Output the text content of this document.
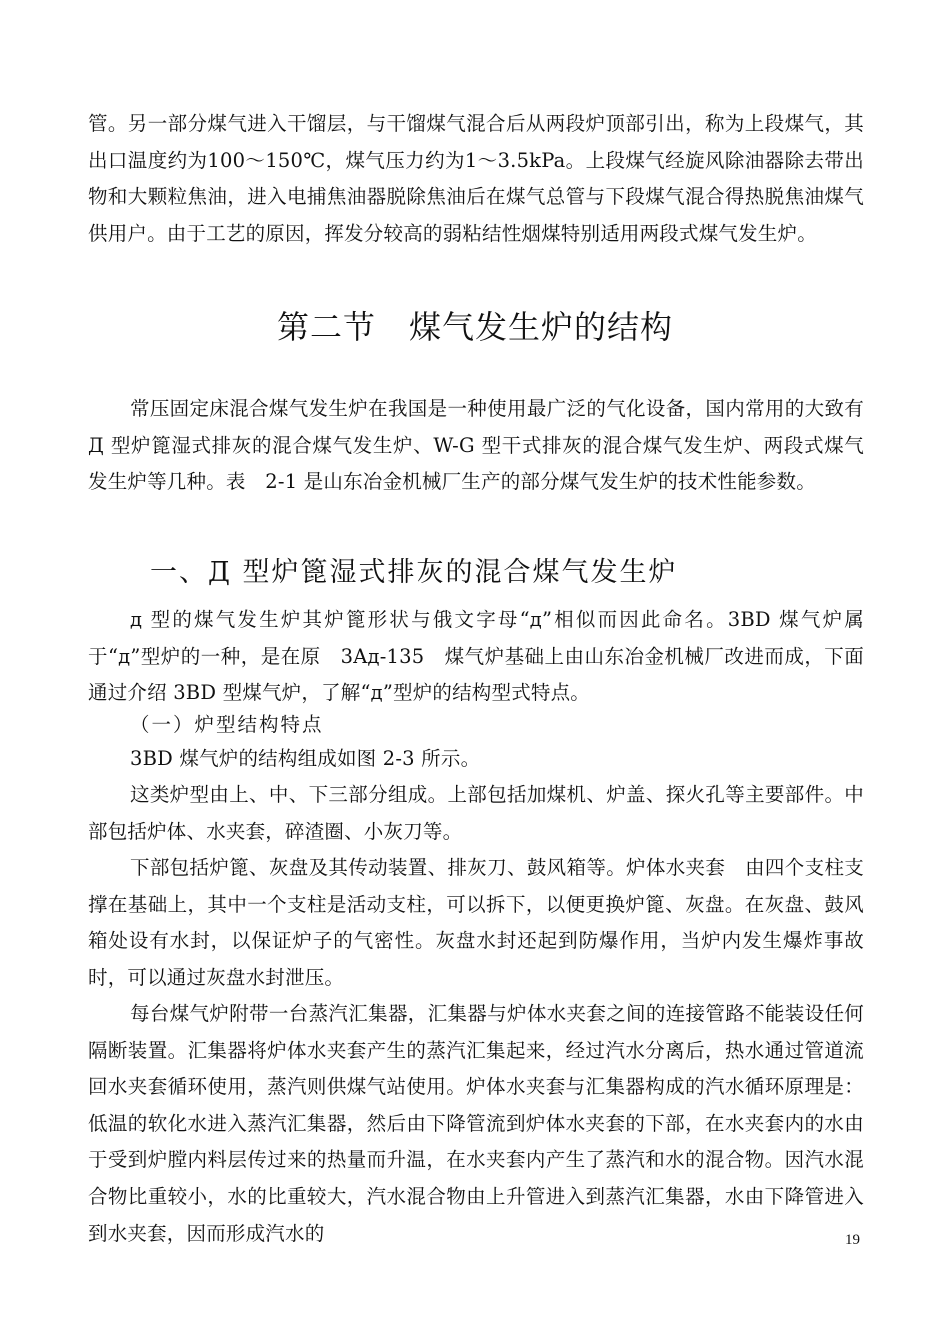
管。另一部分煤气进入干馏层，与干馏煤气混合后从两段炉顶部引出，称为上段煤气，其出口温度约为100～150℃，煤气压力约为1～3.5kPa。上段煤气经旋风除油器除去带出物和大颗粒焦油，进入电捕焦油器脱除焦油后在煤气总管与下段煤气混合得热脱焦油煤气供用户。由于工艺的原因，挥发分较高的弱粘结性烟煤特别适用两段式煤气发生炉。

第二节　煤气发生炉的结构

常压固定床混合煤气发生炉在我国是一种使用最广泛的气化设备，国内常用的大致有 Д 型炉篦湿式排灰的混合煤气发生炉、W-G 型干式排灰的混合煤气发生炉、两段式煤气发生炉等几种。表　2-1 是山东冶金机械厂生产的部分煤气发生炉的技术性能参数。

一、Д 型炉篦湿式排灰的混合煤气发生炉

д 型的煤气发生炉其炉篦形状与俄文字母“д”相似而因此命名。3BD 煤气炉属于“д”型炉的一种，是在原　3Aд-135　煤气炉基础上由山东冶金机械厂改进而成，下面通过介绍 3BD 型煤气炉，了解“д”型炉的结构型式特点。

（一）炉型结构特点

3BD 煤气炉的结构组成如图 2-3 所示。

这类炉型由上、中、下三部分组成。上部包括加煤机、炉盖、探火孔等主要部件。中部包括炉体、水夹套，碎渣圈、小灰刀等。

下部包括炉篦、灰盘及其传动装置、排灰刀、鼓风箱等。炉体水夹套　由四个支柱支撑在基础上，其中一个支柱是活动支柱，可以拆下，以便更换炉篦、灰盘。在灰盘、鼓风箱处设有水封，以保证炉子的气密性。灰盘水封还起到防爆作用，当炉内发生爆炸事故时，可以通过灰盘水封泄压。

每台煤气炉附带一台蒸汽汇集器，汇集器与炉体水夹套之间的连接管路不能装设任何隔断装置。汇集器将炉体水夹套产生的蒸汽汇集起来，经过汽水分离后，热水通过管道流回水夹套循环使用，蒸汽则供煤气站使用。炉体水夹套与汇集器构成的汽水循环原理是：低温的软化水进入蒸汽汇集器，然后由下降管流到炉体水夹套的下部，在水夹套内的水由于受到炉膛内料层传过来的热量而升温，在水夹套内产生了蒸汽和水的混合物。因汽水混合物比重较小，水的比重较大，汽水混合物由上升管进入到蒸汽汇集器，水由下降管进入到水夹套，因而形成汽水的	19
